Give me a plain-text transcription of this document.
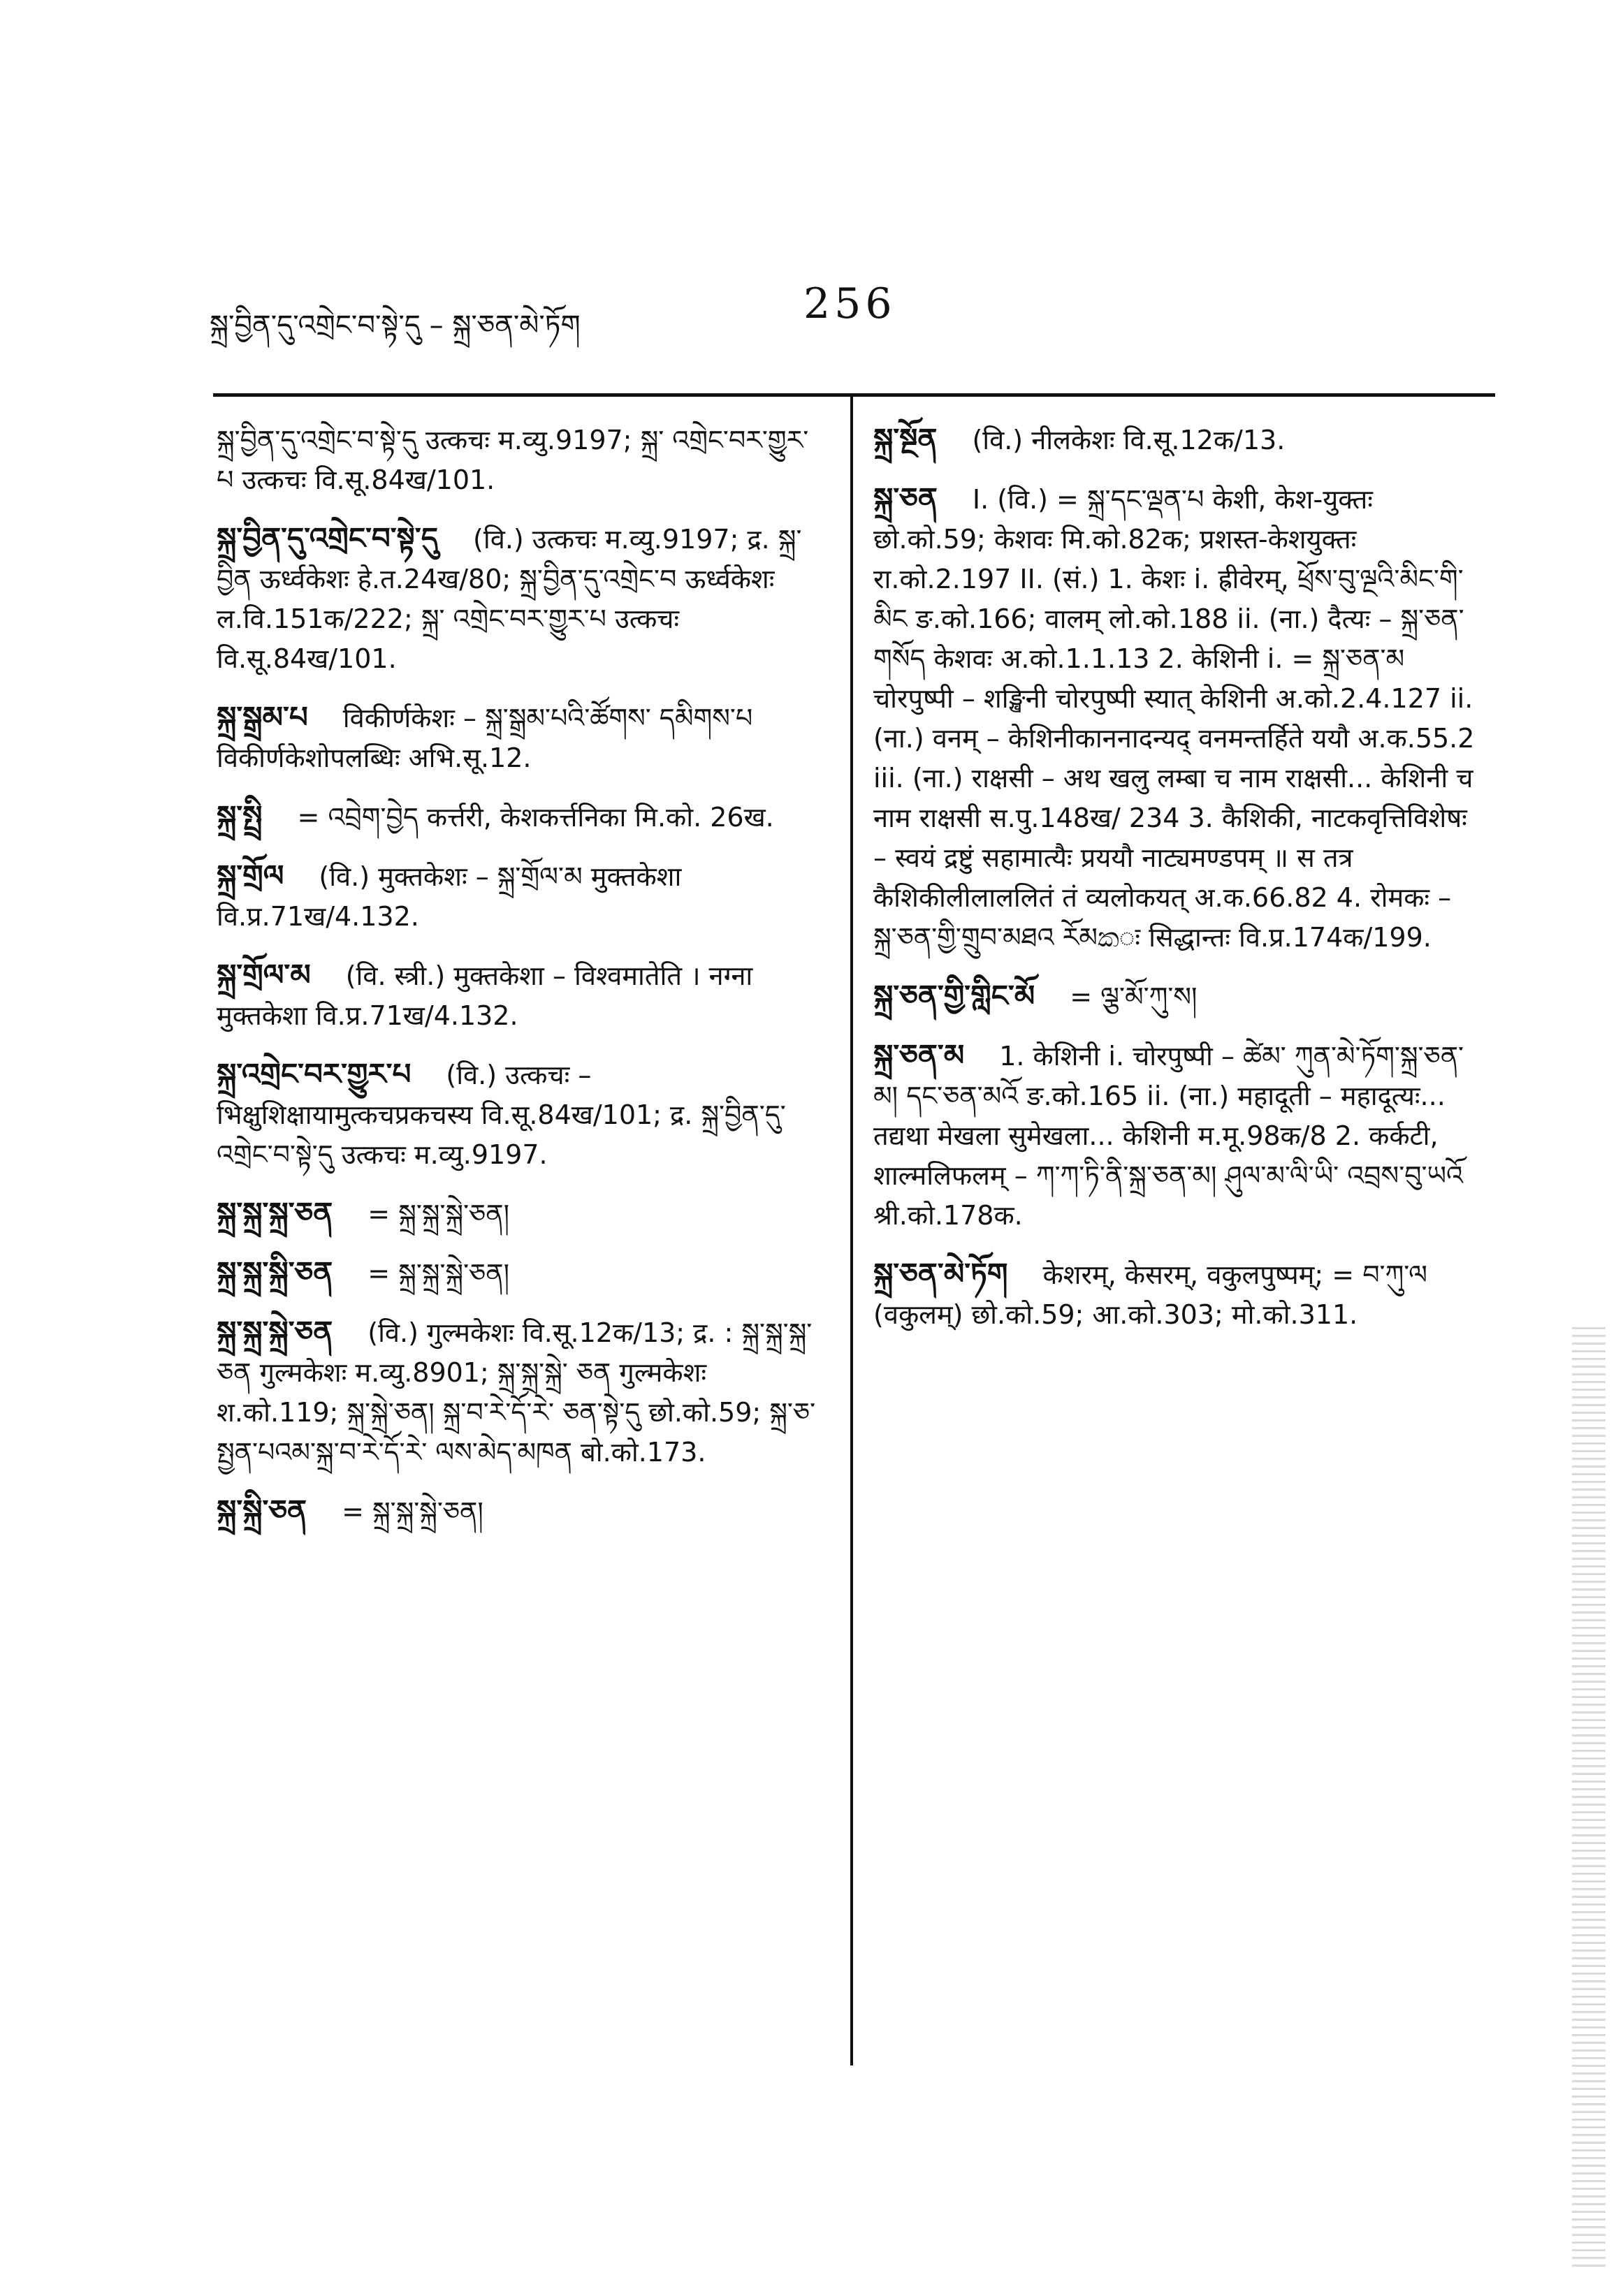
སྐྲ་བྱིན་དུ་འགྲེང་བ་སྟེ་དུ – སྐྲ་ཅན་མེ་ཏོག	256
སྐྲ་བྱིན་དུ་འགྲེང་བ་སྟེ་དུ उत्कचः म.व्यु.9197; སྐྲ་ འགྲེང་བར་གྱུར་པ उत्कचः वि.सू.84ख/101.
སྐྲ་བྱིན་དུ་འགྲེང་བ་སྟེ་དུ (वि.) उत्कचः म.व्यु.9197; द्र. སྐྲ་བྱིན ऊर्ध्वकेशः हे.त.24ख/80; སྐྲ་བྱིན་དུ་འགྲེང་བ ऊर्ध्वकेशः ल.वि.151क/222; སྐྲ་ འགྲེང་བར་གྱུར་པ उत्कचः वि.सू.84ख/101.
སྐྲ་སྒྲམ་པ विकीर्णकेशः – སྐྲ་སྒྲམ་པའི་ཚོགས་ དམིགས་པ विकीर्णकेशोपलब्धिः अभि.सू.12.
སྐྲ་སྤྲི = འབྲེག་བྱེད कर्त्तरी, केशकर्त्तनिका मि.को. 26ख.
སྐྲ་གྲོལ (वि.) मुक्तकेशः – སྐྲ་གྲོལ་མ मुक्तकेशा वि.प्र.71ख/4.132.
སྐྲ་གྲོལ་མ (वि. स्त्री.) मुक्तकेशा – विश्वमातेति । नग्ना मुक्तकेशा वि.प्र.71ख/4.132.
སྐྲ་འགྲེང་བར་གྱུར་པ (वि.) उत्कचः – भिक्षुशिक्षायामुत्कचप्रकचस्य वि.सू.84ख/101; द्र. སྐྲ་བྱིན་དུ་འགྲེང་བ་སྟེ་དུ उत्कचः म.व्यु.9197.
སྐྲ་སྐྲ་སྐྲ་ཅན = སྐྲ་སྐྲ་སྐྲེ་ཅན།
སྐྲ་སྐྲ་སྐྲི་ཅན = སྐྲ་སྐྲ་སྐྲེ་ཅན།
སྐྲ་སྐྲ་སྐྲེ་ཅན (वि.) गुल्मकेशः वि.सू.12क/13; द्र. : སྐྲ་སྐྲ་སྐྲ་ཅན गुल्मकेशः म.व्यु.8901; སྐྲ་སྐྲ་སྐྲེ་ ཅན गुल्मकेशः श.को.119; སྐྲ་སྐྲེ་ཅན། སྐྲ་བ་རེ་དོ་རེ་ ཅན་སྟེ་དུ छो.को.59; སྐྲ་ཅ་སྤྱན་པའམ་སྐྲ་བ་རེ་དོ་རེ་ ལས་མེད་མཁན बो.को.173.
སྐྲ་སྐྲི་ཅན = སྐྲ་སྐྲ་སྐྲེ་ཅན།
སྐྲ་སྔོན (वि.) नीलकेशः वि.सू.12क/13.
སྐྲ་ཅན I. (वि.) = སྐྲ་དང་ལྡན་པ केशी, केश-युक्तः छो.को.59; केशवः मि.को.82क; प्रशस्त-केशयुक्तः रा.को.2.197 II. (सं.) 1. केशः i. ह्रीवेरम्, ཕྲོས་བུ་ལྔའི་མིང་གི་མིང ङ.को.166; वालम् लो.को.188 ii. (ना.) दैत्यः – སྐྲ་ཅན་ གསོད केशवः अ.को.1.1.13 2. केशिनी i. = སྐྲ་ཅན་མ चोरपुष्पी – शङ्खिनी चोरपुष्पी स्यात् केशिनी अ.को.2.4.127 ii. (ना.) वनम् – केशिनीकाननादन्यद् वनमन्तर्हिते ययौ अ.क.55.2 iii. (ना.) राक्षसी – अथ खलु लम्बा च नाम राक्षसी... केशिनी च नाम राक्षसी स.पु.148ख/ 234 3. कैशिकी, नाटकवृत्तिविशेषः – स्वयं द्रष्टुं सहामात्यैः प्रययौ नाट्यमण्डपम् ॥ स तत्र कैशिकीलीलाललितं तं व्यलोकयत् अ.क.66.82 4. रोमकः – སྐྲ་ཅན་གྱི་གྲུབ་མཐའ རོམකः सिद्धान्तः वि.प्र.174क/199.
སྐྲ་ཅན་གྱི་གླིང་མོ = ལྕ་མོ་ཀུ་ས།
སྐྲ་ཅན་མ 1. केशिनी i. चोरपुष्पी – ཚེམ་ ཀུན་མེ་ཏོག་སྐྲ་ཅན་མ། དང་ཅན་མའོ ङ.को.165 ii. (ना.) महादूती – महादूत्यः... तद्यथा मेखला सुमेखला... केशिनी म.मू.98क/8 2. कर्कटी, शाल्मलिफलम् – ཀ་ཀ་ཏི་ནི་སྐྲ་ཅན་མ། ཤུལ་མ་ལི་ཡི་ འབྲས་བུ་ཡའོ श्री.को.178क.
སྐྲ་ཅན་མེ་ཏོག केशरम्, केसरम्, वकुलपुष्पम्; = བ་ཀུ་ལ (वकुलम्) छो.को.59; आ.को.303; मो.को.311.
